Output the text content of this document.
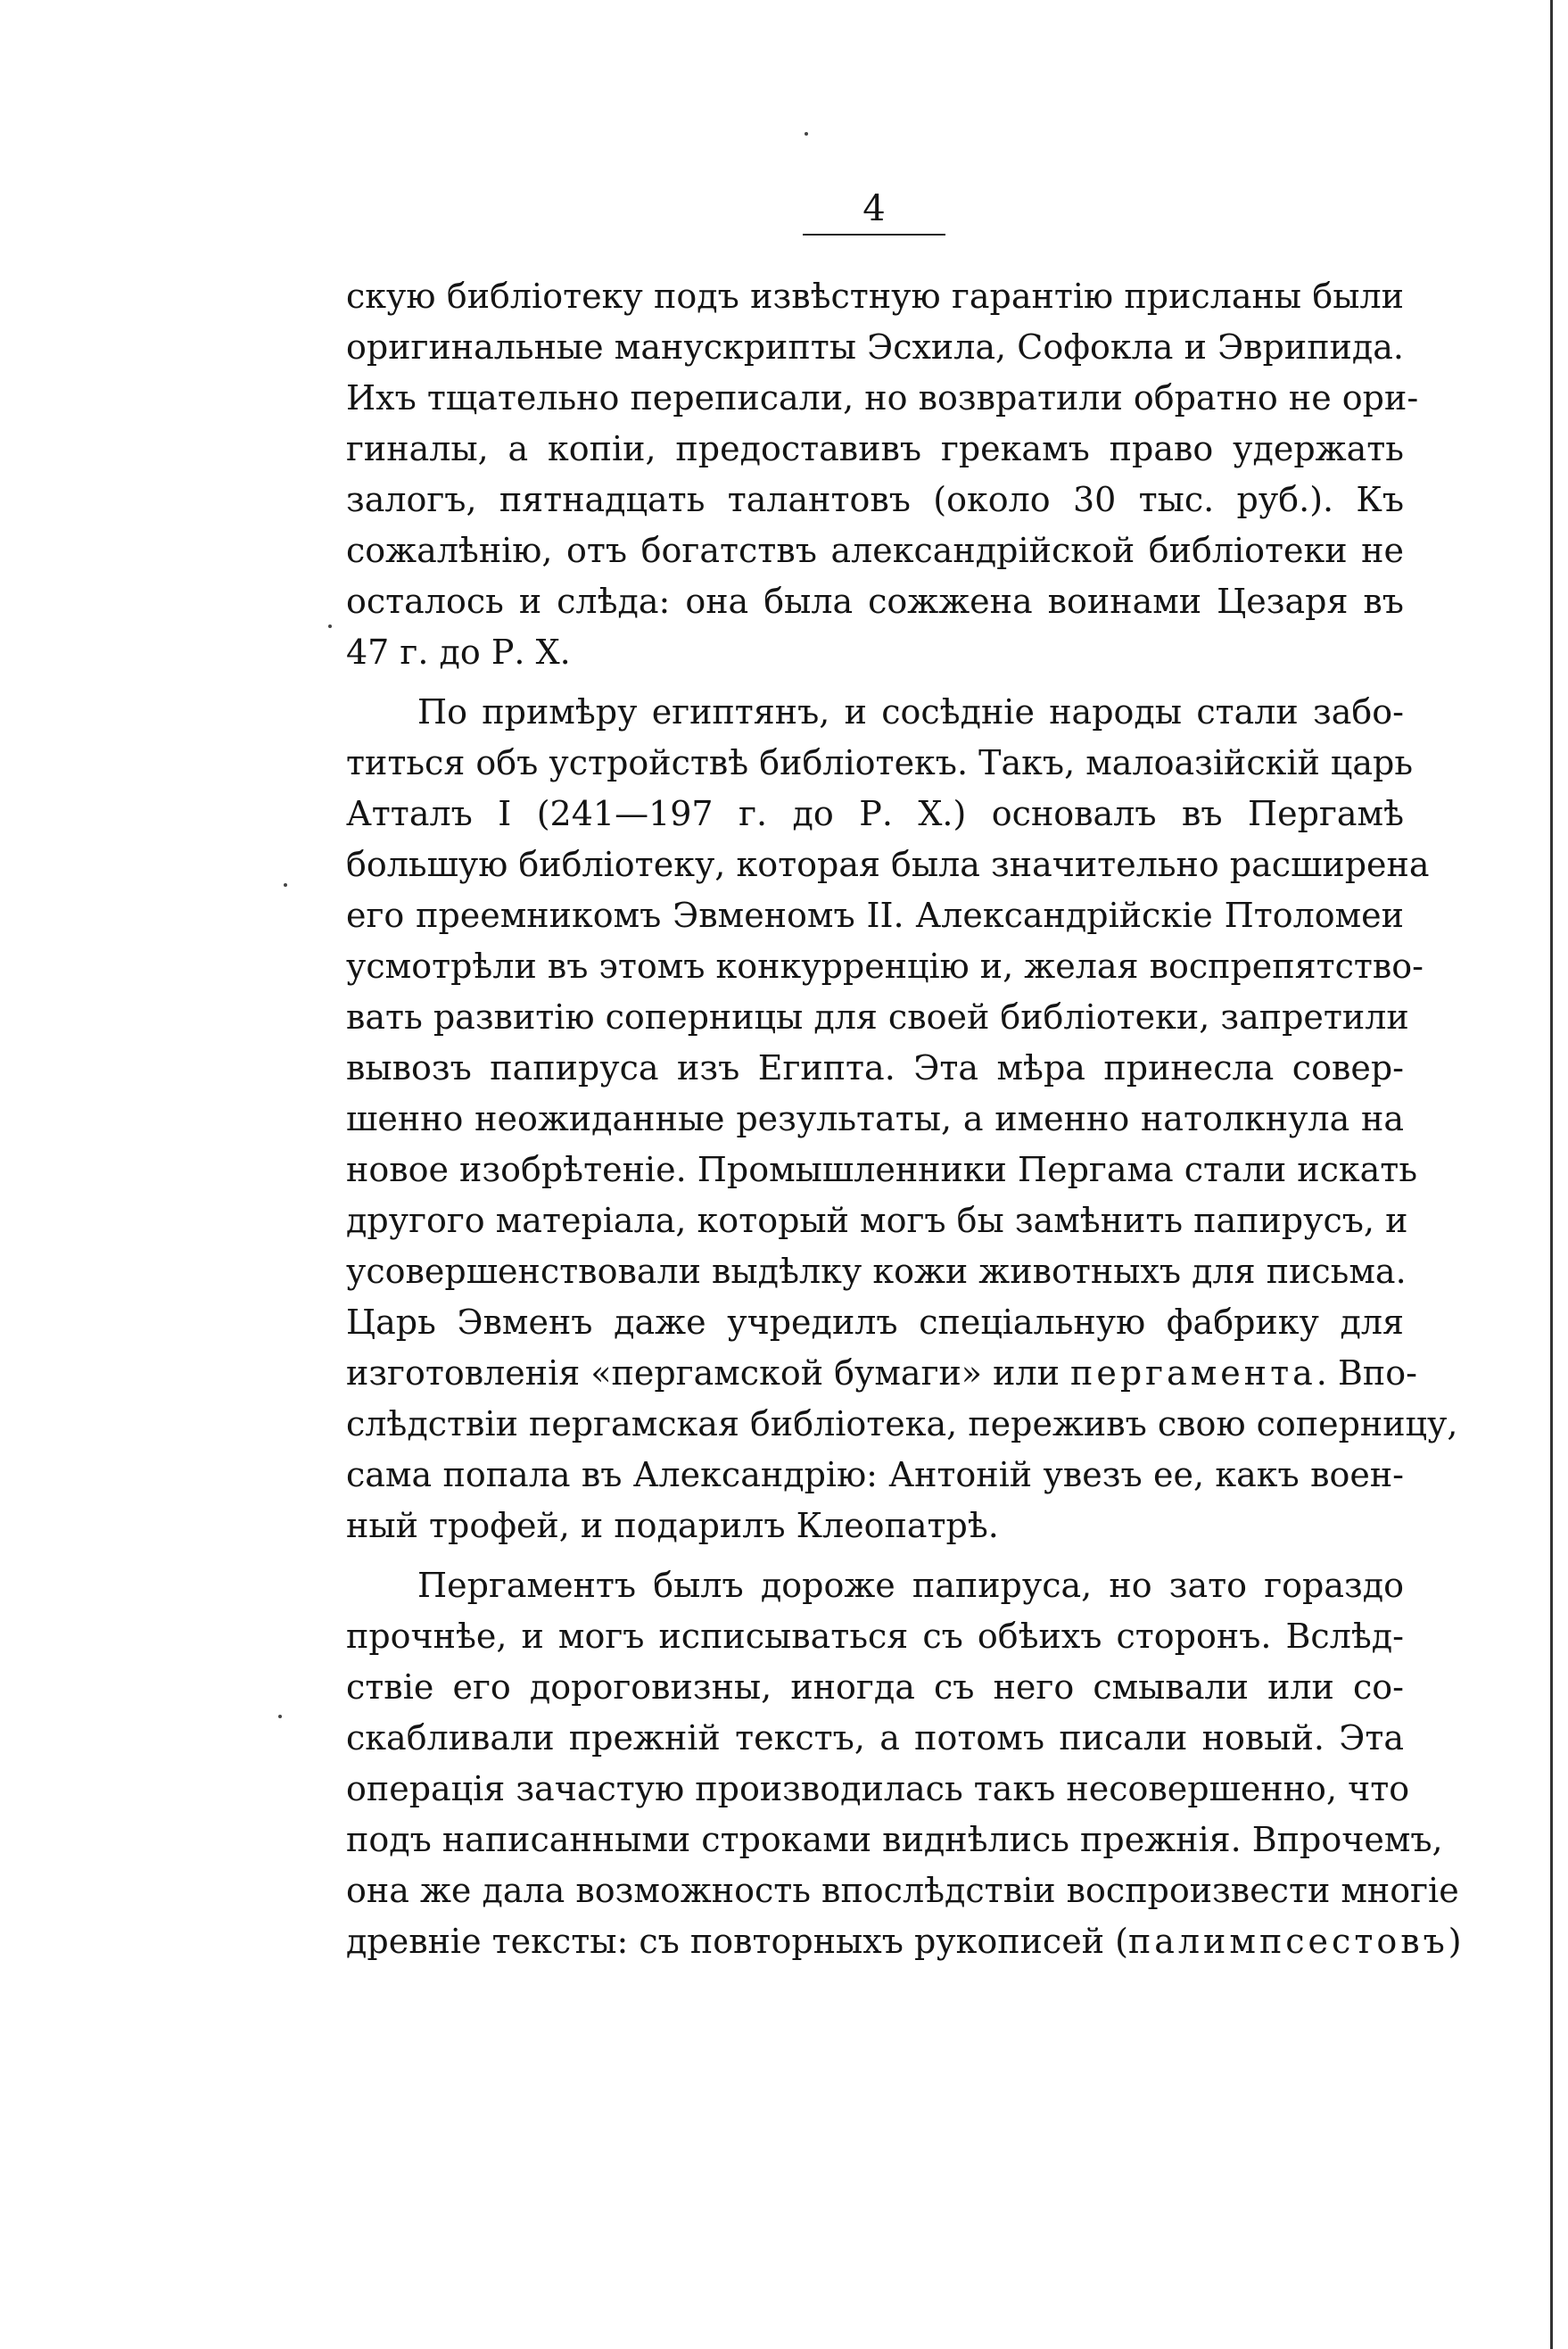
4
скую библіотеку подъ извѣстную гарантію присланы были
оригинальные манускрипты Эсхила, Софокла и Эврипида.
Ихъ тщательно переписали, но возвратили обратно не ори-
гиналы, а копіи, предоставивъ грекамъ право удержать
залогъ, пятнадцать талантовъ (около 30 тыс. руб.). Къ
сожалѣнію, отъ богатствъ александрійской библіотеки не
осталось и слѣда: она была сожжена воинами Цезаря въ
47 г. до Р. Х.
По примѣру египтянъ, и сосѣдніе народы стали забо-
титься объ устройствѣ библіотекъ. Такъ, малоазійскій царь
Атталъ I (241—197 г. до Р. Х.) основалъ въ Пергамѣ
большую библіотеку, которая была значительно расширена
его преемникомъ Эвменомъ II. Александрійскіе Птоломеи
усмотрѣли въ этомъ конкурренцію и, желая воспрепятство-
вать развитію соперницы для своей библіотеки, запретили
вывозъ папируса изъ Египта. Эта мѣра принесла совер-
шенно неожиданные результаты, а именно натолкнула на
новое изобрѣтеніе. Промышленники Пергама стали искать
другого матеріала, который могъ бы замѣнить папирусъ, и
усовершенствовали выдѣлку кожи животныхъ для письма.
Царь Эвменъ даже учредилъ спеціальную фабрику для
изготовленія «пергамской бумаги» или пергамента. Впо-
слѣдствіи пергамская библіотека, переживъ свою соперницу,
сама попала въ Александрію: Антоній увезъ ее, какъ воен-
ный трофей, и подарилъ Клеопатрѣ.
Пергаментъ былъ дороже папируса, но зато гораздо
прочнѣе, и могъ исписываться съ обѣихъ сторонъ. Вслѣд-
ствіе его дороговизны, иногда съ него смывали или со-
скабливали прежній текстъ, а потомъ писали новый. Эта
операція зачастую производилась такъ несовершенно, что
подъ написанными строками виднѣлись прежнія. Впрочемъ,
она же дала возможность впослѣдствіи воспроизвести многіе
древніе тексты: съ повторныхъ рукописей (палимпсестовъ)
